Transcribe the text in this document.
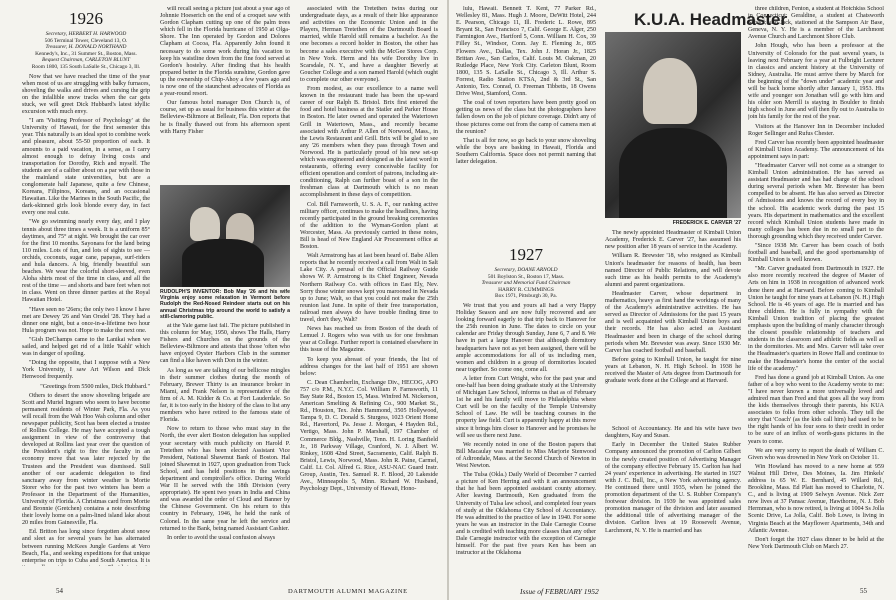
1926
Secretary, HERBERT H. HARWOOD
506 Terminal Tower, Cleveland 13, O.
Treasurer, H. DONALD NORTHAND
Kennedy's, Inc., 31 Summer St., Boston, Mass.
Bequest Chairman, CARLETON BLUNT
Room 1800, 135 South LaSalle St., Chicago 3, Ill.

Now that we have reached the time of the year when most of us are struggling with balky furnaces, shoveling the walks and drives and cursing the grip on the infallible snow tracks when the car gets stuck, we will greet Dick Hubbard's latest idyllic excursion with much envy.

"I am 'Visiting Professor of Psychology' at the University of Hawaii, for the first semester this year. This naturally is an ideal spot to combine work and pleasure, about 55-50 proportion of each. It amounts to a paid vacation, in a sense, as I carry almost enough to defray living costs and transportation for Dorothy, Rich and myself. The students are of a caliber about on a par with those in the mainland state universities, but are a conglomerate half Japanese, quite a few Chinese, Koreans, Filipinos, Koreans, and an occasional Hawaiian. Like the Marines in the South Pacific, the dark-skinned girls look blonde every day, in fact every one real cute.

"We go swimming nearly every day, and I play tennis about three times a week. It is a uniform 85° daytimes, and 75° at night. We brought the car over for the first 10 months. Sayonara for the land being 110 miles. Lots of fun, and lots of sights to see — orchids, coconuts, sugar cane, papayas, surf-riders and hula dancers. A big, friendly beautiful sun beaches. We wear the colorful short-sleeved, even Aloha shirts most of the time in class, and all the rest of the time — and shorts and bare feet when not in class. Went on three dinner parties at the Royal Hawaiian Hotel.

"Have seen no '26ers; the only two I know I have met are Dewey '26 and Van Orsdel '28. They had a dinner one night, but a once-in-a-lifetime two hour Hula program was not. Hope to make the next one.

"Gish DeChamps came to the Lanikai when we sailed, and helped get rid of a little 'Kahli' which was in danger of spoiling.

"Doing the opposite, that I suppose with a New York University, I saw Art Wilson and Dick Henwood frequently.

"Greetings from 5500 miles, Dick Hubbard."

Others to desert the snow shoveling brigade are Scott and Muriel Ingram who seem to have become permanent residents of Winter Park, Fla. As you will recall from the Wah Hoo Wah column and other newspaper publicity, Scot has been elected a trustee of Rollins College. He may have accepted a tough assignment in view of the controversy that developed at Rollins last year over the question of the President's right to fire the faculty in an economy move that was later rejected by the Trustees and the President was dismissed. Still another of our academic delegation to find sanctuary away from winter weather is Mortie Storer who for the past two winters has been a Professor in the Department of the Humanities, University of Florida. A Christmas card from Mortie and Bronnie (Gretchen) contains a note describing their lovely home on a palm-lined island lake about 20 miles from Gainesville, Fla.

Ed. Britton has long since forgotten about snow and sleet as for several years he has alternated between running McKees Jungle Gardens at Vero Beach, Fla., and seeking expeditions for that unique enterprise on trips to Cuba and South America. It is

will recall seeing a picture just about a year ago of Johnnie Hoeserich on the end of a croquet saw with Gordon Clapham cutting up one of the palm trees which fell in the Florida hurricane of 1950 at Olga-Shore. The Inn operated by Gordon and Dolores Clapham at Cocoa, Fla. Apparently John found it necessary to do some work during his vacation to keep his waistline down from the fine food served at Gordon's hostelry. After finding that his health prepared better in the Florida sunshine, Gordon gave up the ownership of Chip-Ahoy a few years ago and is now one of the staunchest advocates of Florida as a year-round resort.

Our famous hotel manager Don Church is, of course, set up as usual for business this winter at the Belleview-Biltmore at Belleair, Fla. Don reports that he is finally thawed out from his afternoon spent with Harry Fisher

RUDOLPH'S INVENTOR: Bob May '26 and his wife Virginia enjoy some relaxation in Vermont before Rudolph the Red-Nosed Reindeer starts out on his annual Christmas trip around the world to satisfy a still-clamoring public.

at the Yale game last fall. The picture published in this column for May, 1950, shows The Halls, Harry Fishers and Churches on the grounds of the Belleview-Biltmore and attests that those 'often who have enjoyed Oyster Harbors Club in the summer can find a like haven with Don in the winter.

As long as we are talking of our bellicose mingles in their summer clothes during the month of February, Brewer Thirty is an insurance broker in Miami, and Frank Nelson is representative of the firm of A. M. Kidder & Co. at Fort Lauderdale. So far, it is too early in the history of the class to list any members who have retired to the famous state of Florida.

Now to return to those who must stay in the North, the ever alert Boston delegation has supplied your secretary with much publicity on Harold P. Tretethen who has been elected Assistant Vice President, National Shawmut Bank of Boston. Hal joined Shawmut in 1927, upon graduation from Tuck School, and has held positions in the savings department and comptroller's office. During World War II he served with the 18th Division (very appropriate). He spent two years in India and China and was awarded the order of Cloud and Banner by the Chinese Government. On his return to this country in February, 1946, he held the rank of Colonel. In the same year he left the service and returned to the Bank, being named Assistant Cashier.

In order to avoid the usual confusion always

associated with the Tretethen twins during our undergraduate days, as a result of their like appearance and activities on the Economic Union and in the Players, Herman Tretethen of the Dartmouth Board is married, while Harold still remains a bachelor. As the one becomes a record holder in Boston, the other has become a sales executive with the McGee Stores Corp. in New York. Herm and his wife Dorothy live in Scarsdale, N. Y., and have a daughter Beverly at Goucher College and a son named Harold (which ought to complete our other everyone).

From modest, as our excellence to a name well known in the restaurant trade has been the up-ward career of our Ralph B. Bristol. Brix first entered the food and hotel business at the Statler and Parker House in Boston. He later owned and operated the Watertown Grill in Watertown, Mass., and recently became associated with Arthur P. Allen of Norwood, Mass., in the Lewis Restaurant and Grill. Brix will be glad to see any '26 members when they pass through Town and Norwood. He is particularly proud of his new set-up which was engineered and designed as the latest word in restaurants, offering every conceivable facility for efficient operation and comfort of patrons, including air-conditioning, Ralph can further boast of a son in the freshman class at Dartmouth which is no mean accomplishment in these days of competition.

Col. Bill Farnsworth, U. S. A. F., our ranking active military officer, continues to make the headlines, having recently participated in the ground breaking ceremonies of the addition to the Wyman-Gordon plant at Worcester, Mass. As previously carried in these notes, Bill is head of New England Air Procurement office at Boston.

Walt Armstrong has at last been heard of. Babe Allen reports that he recently received a call from Walt in Salt Lake City. A perusal of the Official Railway Guide shows W. P. Armstrong is its Chief Engineer, Nevada Northern Railway Co. with offices in East Ely, Nev. Sorry those winter snows kept you marooned in Nevada up to June; Walt, so that you could not make the 25th reunion last June. In spite of their free transportation, railroad men always do have trouble finding time to travel, don't they, Walt?

News has reached us from Boston of the death of Lemuel J. Rogers who was with us for one freshman year at College. Further report is contained elsewhere in this issue of the Magazine.

To keep you abreast of your friends, the list of address changes for the last half of 1951 are shown below:

C. Dean Chamberlin, Exchange Div., HECOG, APO 757 c/o P.M., N.Y.C. Col. William P. Farnsworth, 11 Bay State Rd., Boston 15, Mass. Winfred M. Nickerson, American Smelting & Refining Co., 900 Market St., Rd., Houston, Tex. John Hammond, 3505 Hollywood, Tampa 9, D. C. Donald S. Sturgess, 1023 Orient Home Rd., Havertord, Pa. Jesse J. Morgan, 4 Hayden Rd., Vertigo, Mass. John P. Marshall, 197 Chamber of Commerce Bldg., Nashville, Tenn. H. Loring Banfield Jr., 18 Parkway Village, Cranford, N. J. Albert W. Rinkey, 1608 42nd Street, Sacramento, Calif. Ralph B. Bristol, Lewis, Norwood, Mass. John R. Paine, Carmel, Calif. Lt. Col. Alfred G. Rice, ASU-NAC Guard Instr. Group, Austin, Tex. Samuel R. F. Blood, 20 Lakeside Ave., Minneapolis 5, Minn. Richard W. Husband, Psychology Dept., University of Hawaii, Hono-

54	DARTMOUTH ALUMNI MAGAZINE

lulu, Hawaii. Bennett T. Kent, 77 Parker Rd., Wellesley 81, Mass. Hugh J. Moore, DeWitt Hotel, 244 E. Pearson, Chicago 11, Ill. Frederic L. Rowe, 895 Bryant St., San Francisco 7, Calif. George E. Alger, 250 Farmington Ave., Hartford 5, Conn. William H. Cox, 39 Filley St., Windsor, Conn. Jay E. Fleming Jr., 805 Flowers Ave., Dallas, Tex. John J. Horan Jr., 1825 Brittan Ave., San Carlos, Calif. Louis M. Oakman, 20 Rutledge Place, New York City. Carleton Blunt, Room 1800, 135 S. LaSalle St., Chicago 3, Ill. Arthur S. Forrest, Radio Station KTSA, 2nd & 3rd St., San Antonio, Tex. Conrad, O. Freeman Tibbetts, 18 Owens Drive West, Stamford, Conn.

The coal of town reporters have been pretty good on getting us news of the class but the photographers have fallen down on the job of picture coverage. Didn't any of those pictures come out from the camp of camera men at the reunion?

That is all for now, so go back to your snow shoveling while the boys are basking in Hawaii, Florida and Southern California. Space does not permit naming that latter delegation.

1927
Secretary, DOANE ARNOLD
501 Boylston St., Boston 17, Mass.
Treasurer and Memorial Fund Chairman
HARRY R. CUMMINGS
Box 1971, Pittsburgh 30, Pa.

We trust that you and yours all had a very Happy Holiday Season and are now fully recovered and are looking forward eagerly to that trip back to Hanover for the 25th reunion in June. The dates to circle on your calendar are Friday through Sunday, June 6, 7 and 8. We have in part a large Hanover that although dormitory headquarters have not as yet been assigned, there will be ample accommodations for all of us including men, women and children in a group of dormitories located near together. So come one, come all.

A letter from Curt Wright, who for the past year and one-half has been doing graduate study at the University of Michigan Law School, informs us that as of February 1st he and his family will move to Philadelphia where Curt will be on the faculty of the Temple University School of Law. He will be teaching courses in the property law field. Curt is apparently happy at this move since it brings him closer to Hanover and he promises he will see us there next June.

We recently noted in one of the Boston papers that Bill Macaulay was married to Miss Marjorie Stenwood of Adirondale, Mass. at the Second Church of Newton in West Newton.

The Tulsa (Okla.) Daily World of December 7 carried a picture of Ken Herring and with it an announcement that he had been appointed assistant county attorney. After leaving Dartmouth, Ken graduated from the University of Tulsa law school, and completed four years of study at the Oklahoma City School of Accountancy. He was admitted to the practice of law in 1940. For some years he was an instructor in the Dale Carnegie Course and is credited with teaching more classes than any other Dale Carnegie instructor with the exception of Carnegie himself. For the past five years Ken has been an instructor at the Oklahoma

K.U.A. Headmaster
FREDERICK E. CARVER '27

The newly appointed Headmaster of Kimball Union Academy, Frederick E. Carver '27, has assumed his new position after 18 years of service in the Academy.

William R. Brewster '18, who resigned as Kimball Union's headmaster for reasons of health, has been named Director of Public Relations, and will devote such time as his health permits to the Academy's alumni and parent organizations.

Headmaster Carver, whose department in mathematics, heavy as first hand the workings of many of the Academy's administrative activities. He has served as Director of Admissions for the past 15 years and is well acquainted with Kimball Union boys and their records. He has also acted as Assistant Headmaster and been in charge of the school during periods when Mr. Brewster was away. Since 1930 Mr. Carver has coached football and baseball.

Before going to Kimball Union, he taught for nine years at Lebanon, N. H. High School. In 1938 he received the Master of Arts degree from Dartmouth for graduate work done at the College and at Harvard.

School of Accountancy. He and his wife have two daughters, Kay and Susan.

Early in December the United States Rubber Company announced the promotion of Carlton Gilbert to the newly created position of Advertising Manager of the company effective February 15. Carlton has had 24 years' experience in advertising. He started in 1927 with J. C. Bull, Inc., a New York advertising agency. He continued there until 1935, when he joined the promotion department of the U. S. Rubber Company's footwear division. In 1939 he was appointed sales promotion manager of the division and later assumed the additional title of advertising manager of the division. Carlton lives at 19 Roosevelt Avenue, Larchmont, N. Y. He is married and has

three children, Fenton, a student at Hotchkiss School in Connecticut; Geraldine, a student at Chatsworth School; and Jack, stationed at the Sampson Air Base, Geneva, N. Y. He is a member of the Larchmont Avenue Church and Larchmont Shore Club.

John Hough, who has been a professor at the University of Colorado for the past several years, is leaving next February for a year at Fulbright Lecturer in classics and ancient history at the University of Sidney, Australia. He must arrive there by March for the beginning of the "down under" academic year and will be back home shortly after January 1, 1953. His wife and younger son Jonathan will go with him and his older son Merrill is staying in Boulder to finish high school in June and will then fly out to Australia to join his family for the rest of the year.

Visitors at the Hanover Inn in December included Roger Sellinger and Rufus Chester.

Fred Carver has recently been appointed headmaster of Kimball Union Academy. The announcement of his appointment says in part:

"Headmaster Carver will not come as a stranger to Kimball Union administration. He has served as assistant Headmaster and has had charge of the school during several periods when Mr. Brewster has been compelled to be absent. He has also served as Director of Admissions and knows the record of every boy in the school. His academic work during the past 15 years. His department in mathematics and the excellent record which Kimball Union students have made in many colleges has been due in no small part to the thorough grounding which they received under Carver.

"Since 1938 Mr. Carver has been coach of both football and baseball, and the good sportsmanship of Kimball Union is well known.

"Mr. Carver graduated from Dartmouth in 1927. He also more recently received the degree of Master of Arts on him in 1938 in recognition of advanced work done there and at Harvard. Before coming to Kimball Union he taught for nine years at Lebanon (N. H.) High School. He is 46 years of age. He is married and has three children. He is fully in sympathy with the Kimball Union tradition of placing the greatest emphasis upon the building of manly character through the closest possible relationship of teachers and students in the classroom and athletic fields as well as in the dormitories. Mr. and Mrs. Carver will take over the Headmaster's quarters in Rowe Hall and continue to make the Headmaster's home the center of the social life of the academy."

Fred has done a grand job at Kimball Union. As one father of a boy who went to the Academy wrote to me: "I have never known a more universally loved and admired man than Fred and that goes all the way from the kids themselves through their parents, his KUA associates to folks from other schools. They tell the story that 'Coach' (as the kids call him) had used to be the right hands of his four sons to their credit in order to be sure of an influx of worth-guns pictures in the years to come.

We are very sorry to report the death of William C. Given who was drowned in New York on October 11.

Win Howland has moved to a new home at 959 Walnut Hill Drive, Des Moines, Ia. Jim Hinkels' address is 65 W. E. Bernhard, 45 Willard Rd., Brookline, Mass. Ed Platt has moved to Charlotte, N. C., and is living at 1909 Selwyn Avenue. Nick Zerr now lives at 37 Pansac Avenue, Hawthorne, N. J. Bob Hermman, who is now retired, is living at 1004 Ss Jolla Scenic Drive, La Jolla, Calif. Bob Lowe, is living in Virginia Beach at the Mayflower Apartments, 34th and Atlantic Avenue.

Don't forget the 1927 class dinner to be held at the New York Dartmouth Club on March 27.

Issue of FEBRUARY 1952	55
